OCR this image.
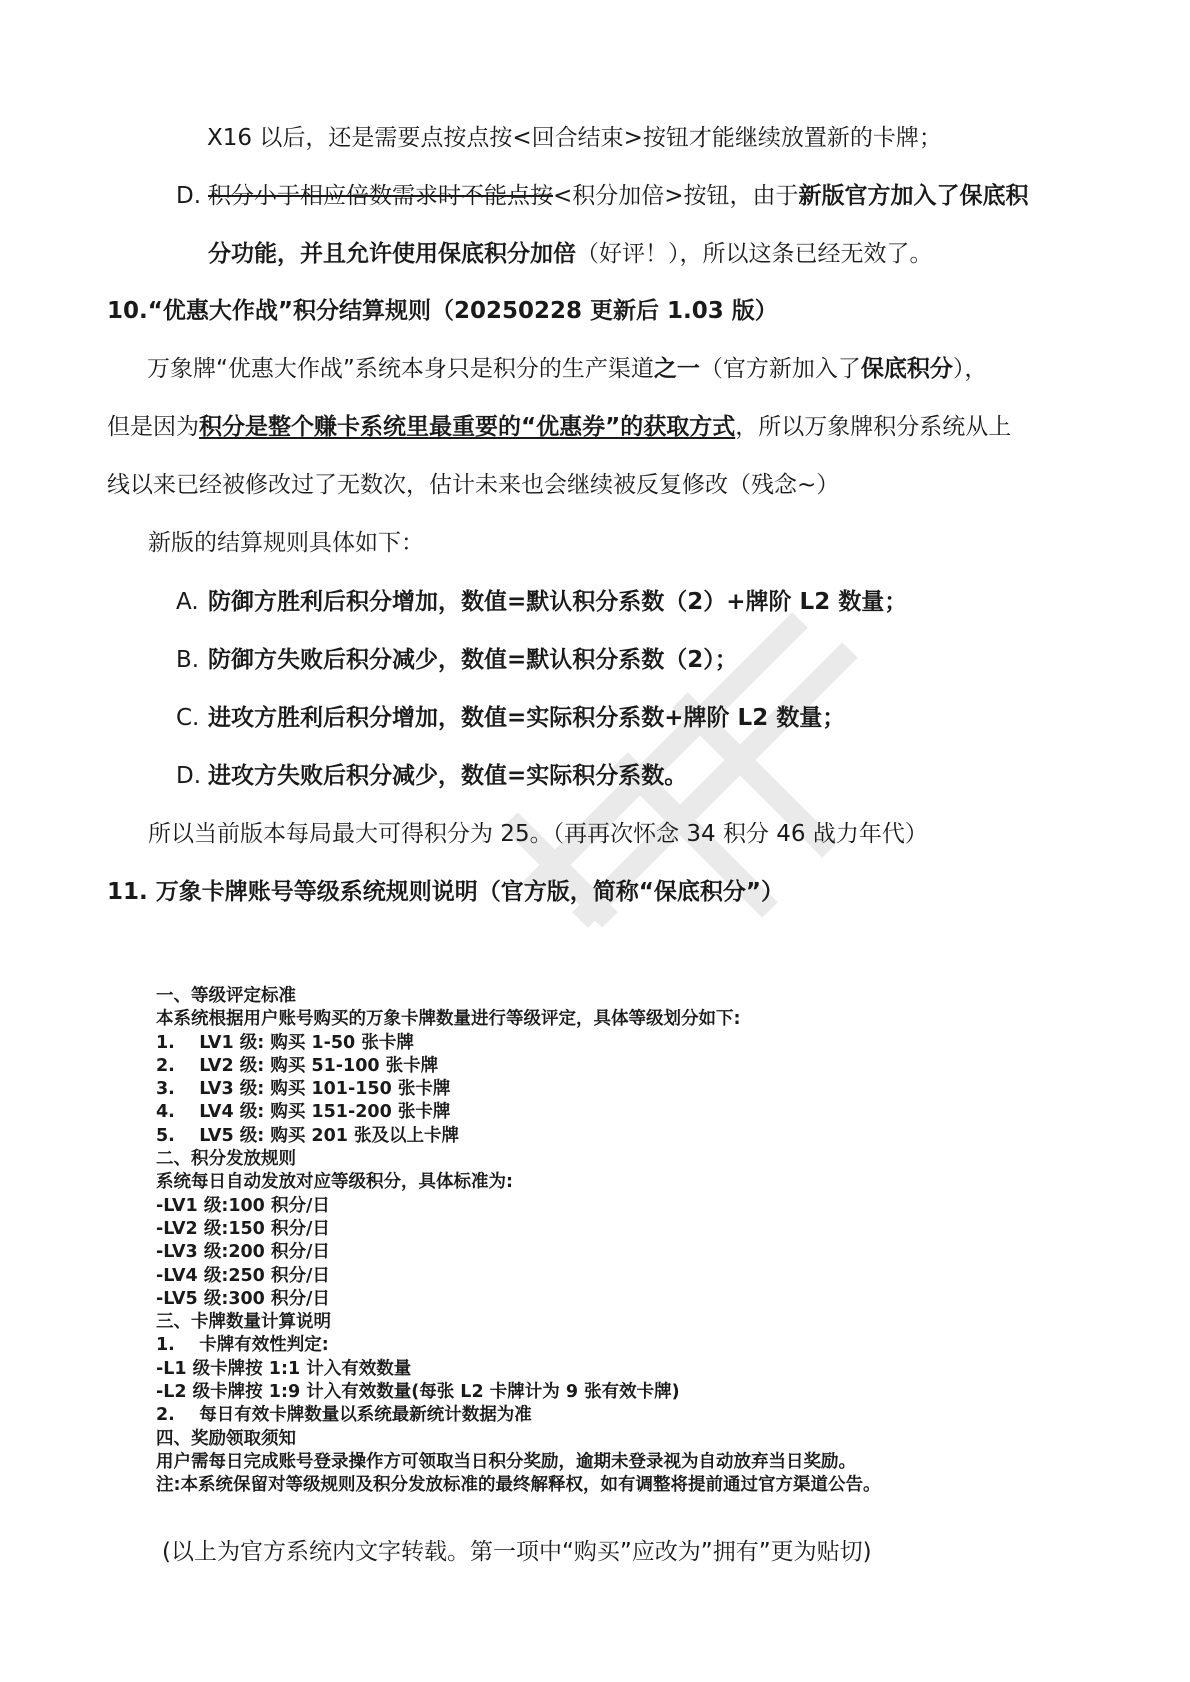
X16 以后，还是需要点按点按<回合结束>按钮才能继续放置新的卡牌；
D. 积分小于相应倍数需求时不能点按<积分加倍>按钮，由于新版官方加入了保底积
分功能，并且允许使用保底积分加倍（好评！），所以这条已经无效了。
10.“优惠大作战”积分结算规则（20250228 更新后 1.03 版）
万象牌“优惠大作战”系统本身只是积分的生产渠道之一（官方新加入了保底积分），
但是因为积分是整个赚卡系统里最重要的“优惠券”的获取方式，所以万象牌积分系统从上
线以来已经被修改过了无数次，估计未来也会继续被反复修改（残念~）
新版的结算规则具体如下：
A. 防御方胜利后积分增加，数值=默认积分系数（2）+牌阶 L2 数量；
B. 防御方失败后积分减少，数值=默认积分系数（2）；
C. 进攻方胜利后积分增加，数值=实际积分系数+牌阶 L2 数量；
D. 进攻方失败后积分减少，数值=实际积分系数。
所以当前版本每局最大可得积分为 25。（再再次怀念 34 积分 46 战力年代）
11. 万象卡牌账号等级系统规则说明（官方版，简称“保底积分”）
一、等级评定标准
本系统根据用户账号购买的万象卡牌数量进行等级评定，具体等级划分如下:
1.    LV1 级: 购买 1-50 张卡牌
2.    LV2 级: 购买 51-100 张卡牌
3.    LV3 级: 购买 101-150 张卡牌
4.    LV4 级: 购买 151-200 张卡牌
5.    LV5 级: 购买 201 张及以上卡牌
二、积分发放规则
系统每日自动发放对应等级积分，具体标准为:
-LV1 级:100 积分/日
-LV2 级:150 积分/日
-LV3 级:200 积分/日
-LV4 级:250 积分/日
-LV5 级:300 积分/日
三、卡牌数量计算说明
1.    卡牌有效性判定:
-L1 级卡牌按 1:1 计入有效数量
-L2 级卡牌按 1:9 计入有效数量(每张 L2 卡牌计为 9 张有效卡牌)
2.    每日有效卡牌数量以系统最新统计数据为准
四、奖励领取须知
用户需每日完成账号登录操作方可领取当日积分奖励，逾期未登录视为自动放弃当日奖励。
注:本系统保留对等级规则及积分发放标准的最终解释权，如有调整将提前通过官方渠道公告。
(以上为官方系统内文字转载。第一项中“购买”应改为”拥有”更为贴切)
